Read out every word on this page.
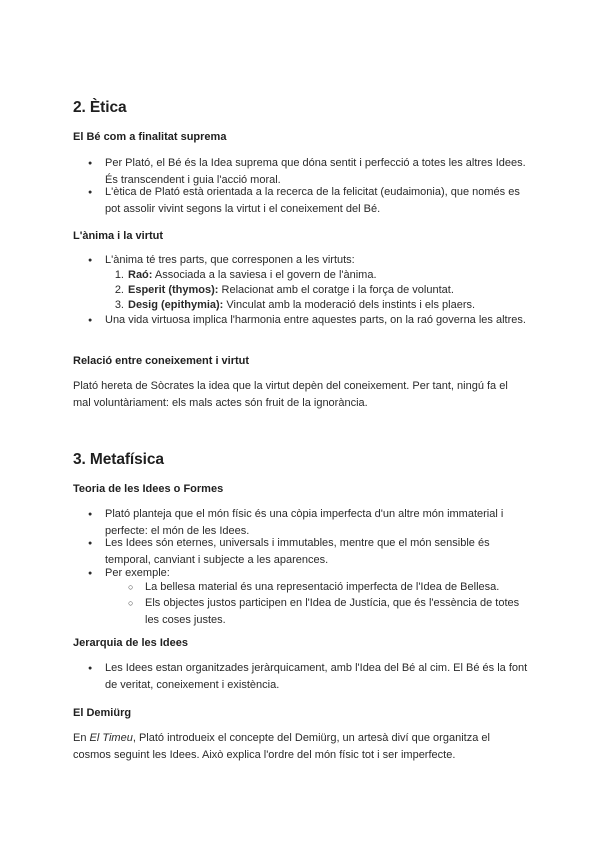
2. Ètica
El Bé com a finalitat suprema
● Per Plató, el Bé és la Idea suprema que dóna sentit i perfecció a totes les altres Idees. És transcendent i guia l'acció moral.
● L'ètica de Plató està orientada a la recerca de la felicitat (eudaimonia), que només es pot assolir vivint segons la virtut i el coneixement del Bé.
L'ànima i la virtut
● L'ànima té tres parts, que corresponen a les virtuts:
1. Raó: Associada a la saviesa i el govern de l'ànima.
2. Esperit (thymos): Relacionat amb el coratge i la força de voluntat.
3. Desig (epithymia): Vinculat amb la moderació dels instints i els plaers.
● Una vida virtuosa implica l'harmonia entre aquestes parts, on la raó governa les altres.
Relació entre coneixement i virtut
Plató hereta de Sòcrates la idea que la virtut depèn del coneixement. Per tant, ningú fa el mal voluntàriament: els mals actes són fruit de la ignorància.
3. Metafísica
Teoria de les Idees o Formes
● Plató planteja que el món físic és una còpia imperfecta d'un altre món immaterial i perfecte: el món de les Idees.
● Les Idees són eternes, universals i immutables, mentre que el món sensible és temporal, canviant i subjecte a les aparences.
● Per exemple:
○ La bellesa material és una representació imperfecta de l'Idea de Bellesa.
○ Els objectes justos participen en l'Idea de Justícia, que és l'essència de totes les coses justes.
Jerarquia de les Idees
● Les Idees estan organitzades jeràrquicament, amb l'Idea del Bé al cim. El Bé és la font de veritat, coneixement i existència.
El Demiürg
En El Timeu, Plató introdueix el concepte del Demiürg, un artesà diví que organitza el cosmos seguint les Idees. Això explica l'ordre del món físic tot i ser imperfecte.
